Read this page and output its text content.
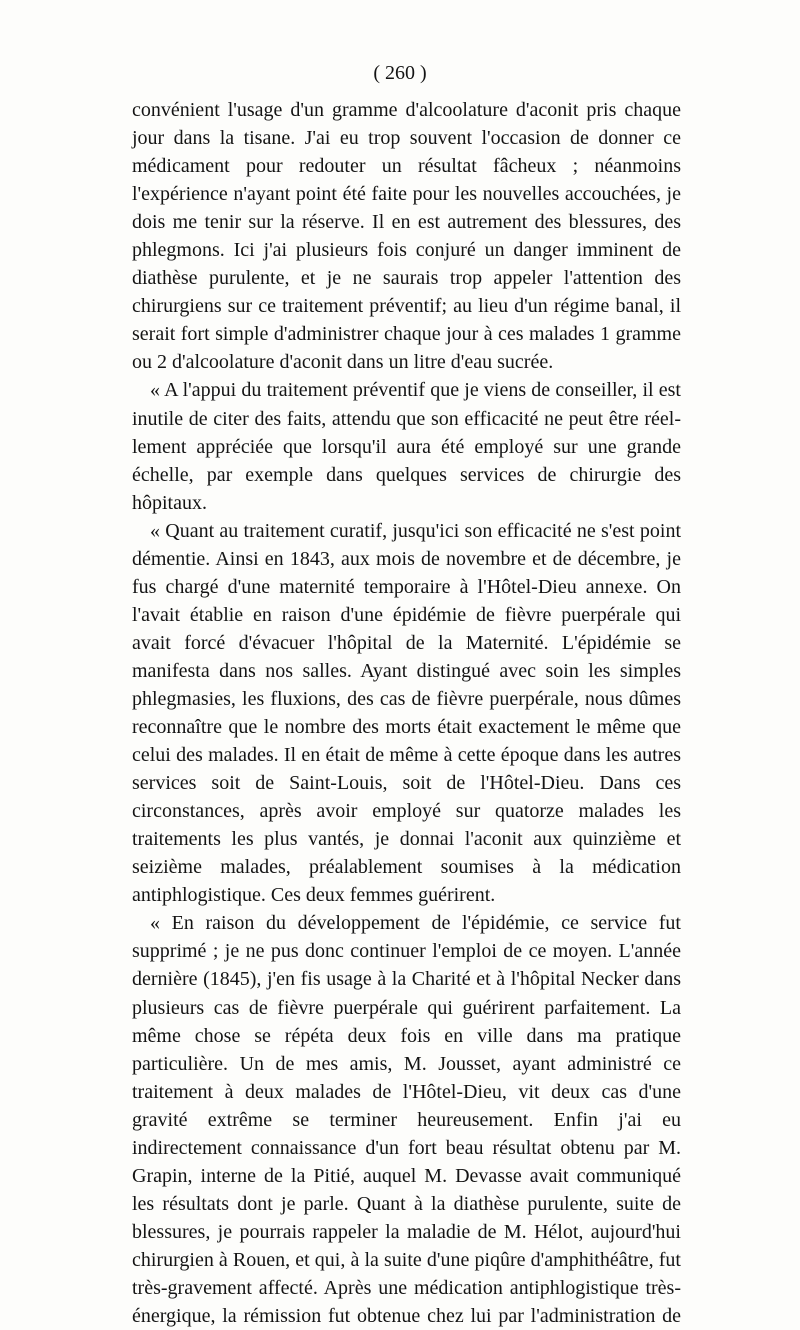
( 260 )

convénient l'usage d'un gramme d'alcoolature d'aconit pris chaque jour dans la tisane. J'ai eu trop souvent l'occasion de donner ce médicament pour redouter un résultat fâcheux ; néanmoins l'expérience n'ayant point été faite pour les nouvelles accouchées, je dois me tenir sur la réserve. Il en est autrement des blessures, des phlegmons. Ici j'ai plusieurs fois conjuré un danger imminent de diathèse purulente, et je ne saurais trop appeler l'attention des chirurgiens sur ce traitement préventif; au lieu d'un régime banal, il serait fort simple d'administrer chaque jour à ces malades 1 gramme ou 2 d'alcoolature d'aconit dans un litre d'eau sucrée.

« A l'appui du traitement préventif que je viens de conseiller, il est inutile de citer des faits, attendu que son efficacité ne peut être réellement appréciée que lorsqu'il aura été employé sur une grande échelle, par exemple dans quelques services de chirurgie des hôpitaux.

« Quant au traitement curatif, jusqu'ici son efficacité ne s'est point démentie. Ainsi en 1843, aux mois de novembre et de décembre, je fus chargé d'une maternité temporaire à l'Hôtel-Dieu annexe. On l'avait établie en raison d'une épidémie de fièvre puerpérale qui avait forcé d'évacuer l'hôpital de la Maternité. L'épidémie se manifesta dans nos salles. Ayant distingué avec soin les simples phlegmasies, les fluxions, des cas de fièvre puerpérale, nous dûmes reconnaître que le nombre des morts était exactement le même que celui des malades. Il en était de même à cette époque dans les autres services soit de Saint-Louis, soit de l'Hôtel-Dieu. Dans ces circonstances, après avoir employé sur quatorze malades les traitements les plus vantés, je donnai l'aconit aux quinzième et seizième malades, préalablement soumises à la médication antiphlogistique. Ces deux femmes guérirent.

« En raison du développement de l'épidémie, ce service fut supprimé ; je ne pus donc continuer l'emploi de ce moyen. L'année dernière (1845), j'en fis usage à la Charité et à l'hôpital Necker dans plusieurs cas de fièvre puerpérale qui guérirent parfaitement. La même chose se répéta deux fois en ville dans ma pratique particulière. Un de mes amis, M. Jousset, ayant administré ce traitement à deux malades de l'Hôtel-Dieu, vit deux cas d'une gravité extrême se terminer heureusement. Enfin j'ai eu indirectement connaissance d'un fort beau résultat obtenu par M. Grapin, interne de la Pitié, auquel M. Devasse avait communiqué les résultats dont je parle. Quant à la diathèse purulente, suite de blessures, je pourrais rappeler la maladie de M. Hélot, aujourd'hui chirurgien à Rouen, et qui, à la suite d'une piqûre d'amphithéâtre, fut très-gravement affecté. Après une médication antiphlogistique très-énergique, la rémission fut obtenue chez lui par l'administration de
